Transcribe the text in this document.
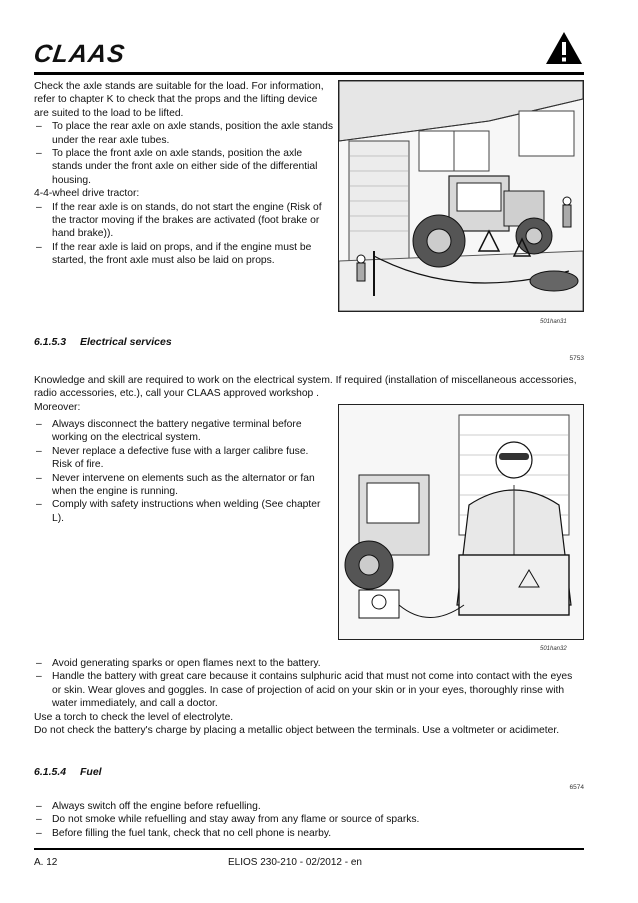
CLAAS

Check the axle stands are suitable for the load. For information, refer to chapter K to check that the props and the lifting device are suited to the load to be lifted.

– To place the rear axle on axle stands, position the axle stands under the rear axle tubes.

– To place the front axle on axle stands, position the axle stands under the front axle on either side of the differential housing.

4-4-wheel drive tractor:

– If the rear axle is on stands, do not start the engine (Risk of the tractor moving if the brakes are activated (foot brake or hand brake)).

– If the rear axle is laid on props, and if the engine must be started, the front axle must also be laid on props.

501han31
6.1.5.3 Electrical services
5753

Knowledge and skill are required to work on the electrical system. If required (installation of miscellaneous accessories, radio accessories, etc.), call your CLAAS approved workshop .

Moreover:

– Always disconnect the battery negative terminal before working on the electrical system.

– Never replace a defective fuse with a larger calibre fuse. Risk of fire.

– Never intervene on elements such as the alternator or fan when the engine is running.

– Comply with safety instructions when welding (See chapter L).

501han32

– Avoid generating sparks or open flames next to the battery.

– Handle the battery with great care because it contains sulphuric acid that must not come into contact with the eyes or skin. Wear gloves and goggles. In case of projection of acid on your skin or in your eyes, thoroughly rinse with water immediately, and call a doctor.

Use a torch to check the level of electrolyte.

Do not check the battery's charge by placing a metallic object between the terminals. Use a voltmeter or acidimeter.

6.1.5.4 Fuel
6574

– Always switch off the engine before refuelling.

– Do not smoke while refuelling and stay away from any flame or source of sparks.

– Before filling the fuel tank, check that no cell phone is nearby.

A. 12	ELIOS 230-210 - 02/2012 - en
